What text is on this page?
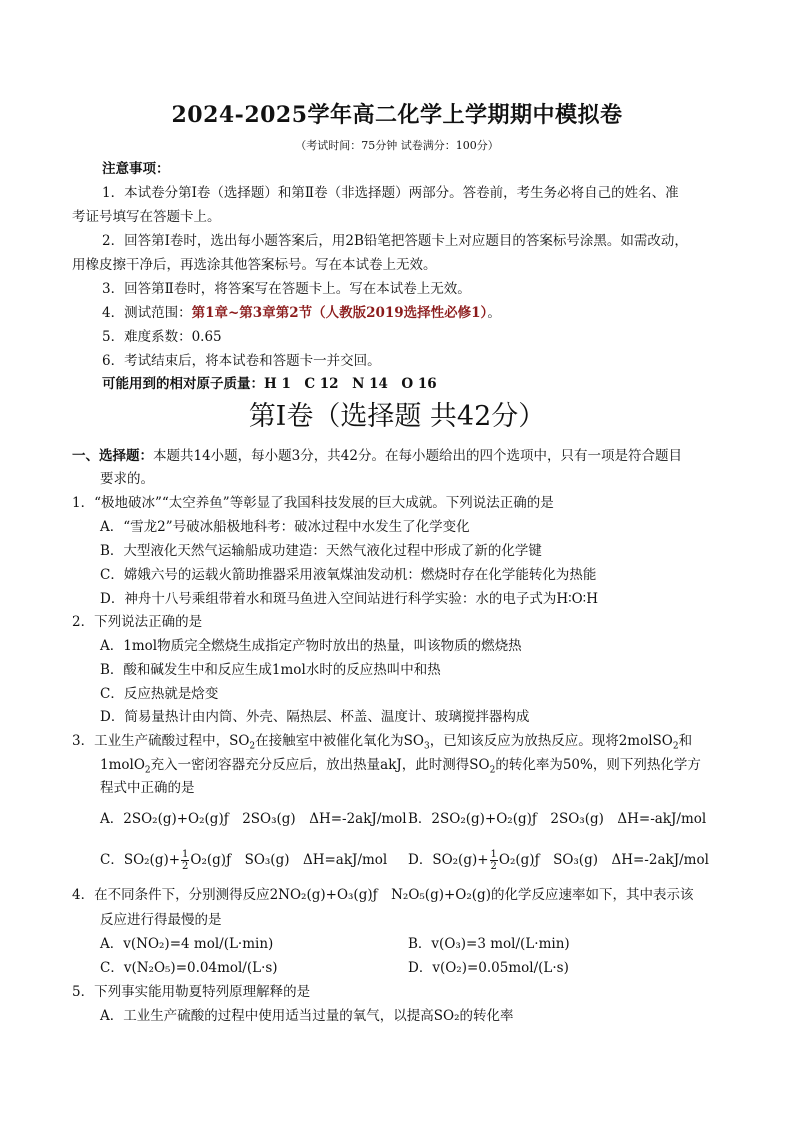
2024-2025学年高二化学上学期期中模拟卷
（考试时间：75分钟 试卷满分：100分）
注意事项：
1．本试卷分第Ⅰ卷（选择题）和第Ⅱ卷（非选择题）两部分。答卷前，考生务必将自己的姓名、准
考证号填写在答题卡上。
2．回答第Ⅰ卷时，选出每小题答案后，用2B铅笔把答题卡上对应题目的答案标号涂黑。如需改动，
用橡皮擦干净后，再选涂其他答案标号。写在本试卷上无效。
3．回答第Ⅱ卷时，将答案写在答题卡上。写在本试卷上无效。
4．测试范围：第1章~第3章第2节（人教版2019选择性必修1）。
5．难度系数：0.65
6．考试结束后，将本试卷和答题卡一并交回。
可能用到的相对原子质量：H 1　C 12　N 14　O 16
第Ⅰ卷（选择题 共42分）
一、选择题：本题共14小题，每小题3分，共42分。在每小题给出的四个选项中，只有一项是符合题目
要求的。
1．“极地破冰”“太空养鱼”等彰显了我国科技发展的巨大成就。下列说法正确的是
A．“雪龙2”号破冰船极地科考：破冰过程中水发生了化学变化
B．大型液化天然气运输船成功建造：天然气液化过程中形成了新的化学键
C．嫦娥六号的运载火箭助推器采用液氧煤油发动机：燃烧时存在化学能转化为热能
D．神舟十八号乘组带着水和斑马鱼进入空间站进行科学实验：水的电子式为H∶O∶H
2．下列说法正确的是
A．1mol物质完全燃烧生成指定产物时放出的热量，叫该物质的燃烧热
B．酸和碱发生中和反应生成1mol水时的反应热叫中和热
C．反应热就是焓变
D．简易量热计由内筒、外壳、隔热层、杯盖、温度计、玻璃搅拌器构成
3．工业生产硫酸过程中，$SO_2$在接触室中被催化氧化为$SO_3$，已知该反应为放热反应。现将2molSO$_2$和
1molO$_2$充入一密闭容器充分反应后，放出热量akJ，此时测得$SO_2$的转化率为50%，则下列热化学方
程式中正确的是
A．2SO₂(g)+O₂(g)ƒ　2SO₃(g)　ΔH=-2akJ/mol B．2SO₂(g)+O₂(g)ƒ　2SO₃(g)　ΔH=-akJ/mol
C．$SO_2(g)+ \frac{1}{2}$ O₂(g)ƒ　SO₃(g)　ΔH=akJ/mol D．$SO_2(g)+ \frac{1}{2}$ O₂(g)ƒ　SO₃(g)　ΔH=-2akJ/mol
4．在不同条件下，分别测得反应2NO₂(g)+O₃(g)ƒ　N₂O₅(g)+O₂(g)的化学反应速率如下，其中表示该
反应进行得最慢的是
A．v(NO₂)=4 mol/(L·min)	B．v(O₃)=3 mol/(L·min)
C．v(N₂O₅)=0.04mol/(L·s)	D．v(O₂)=0.05mol/(L·s)
5．下列事实能用勒夏特列原理解释的是
A．工业生产硫酸的过程中使用适当过量的氧气，以提高SO₂的转化率
